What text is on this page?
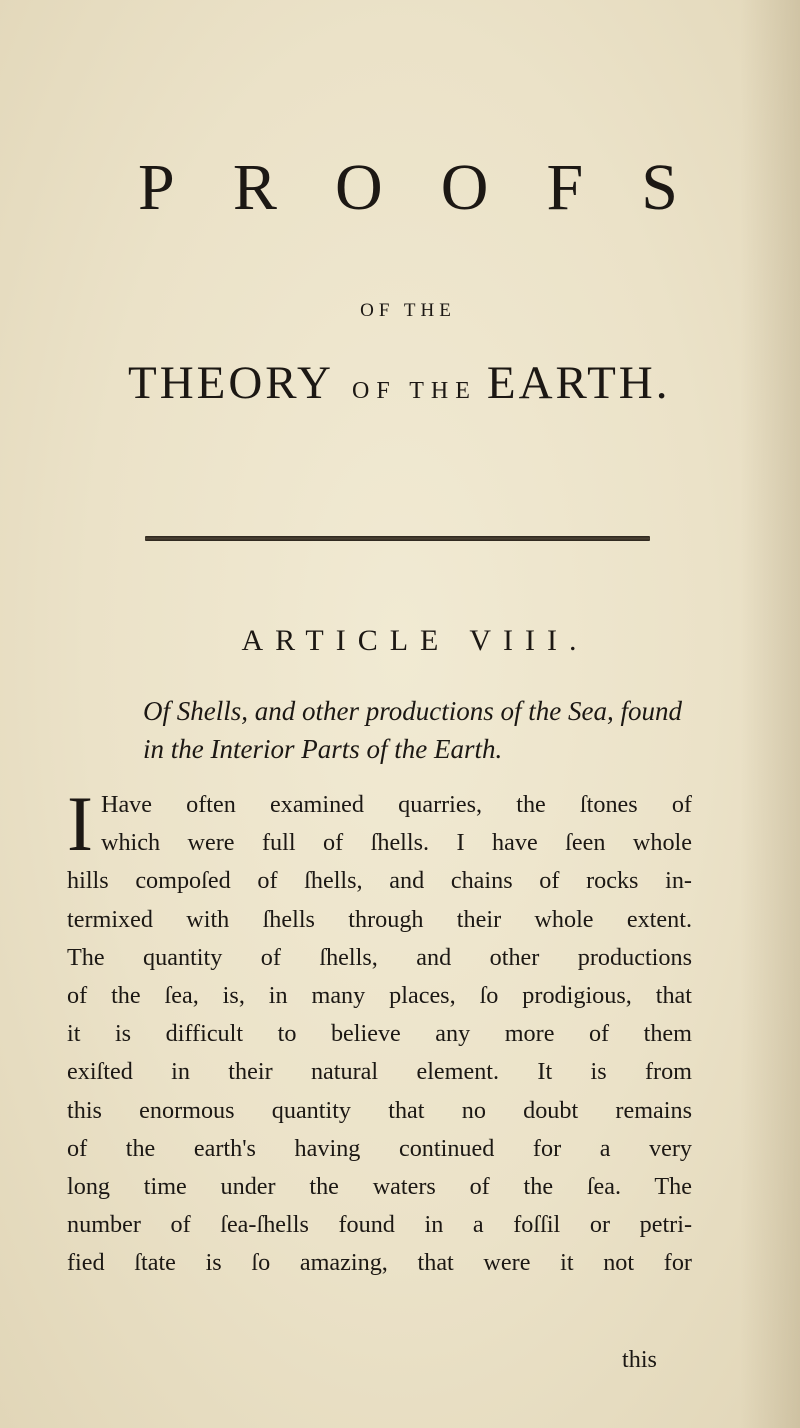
P R O O F S
OF THE
THEORY OF THE EARTH.
ARTICLE VIII.
Of Shells, and other productions of the Sea, found
in the Interior Parts of the Earth.
I Have often examined quarries, the ſtones of
which were full of ſhells. I have ſeen whole
hills compoſed of ſhells, and chains of rocks in-
termixed with ſhells through their whole extent.
The quantity of ſhells, and other productions
of the ſea, is, in many places, ſo prodigious, that
it is difficult to believe any more of them
exiſted in their natural element. It is from
this enormous quantity that no doubt remains
of the earth's having continued for a very
long time under the waters of the ſea. The
number of ſea-ſhells found in a foſſil or petri-
fied ſtate is ſo amazing, that were it not for
this
